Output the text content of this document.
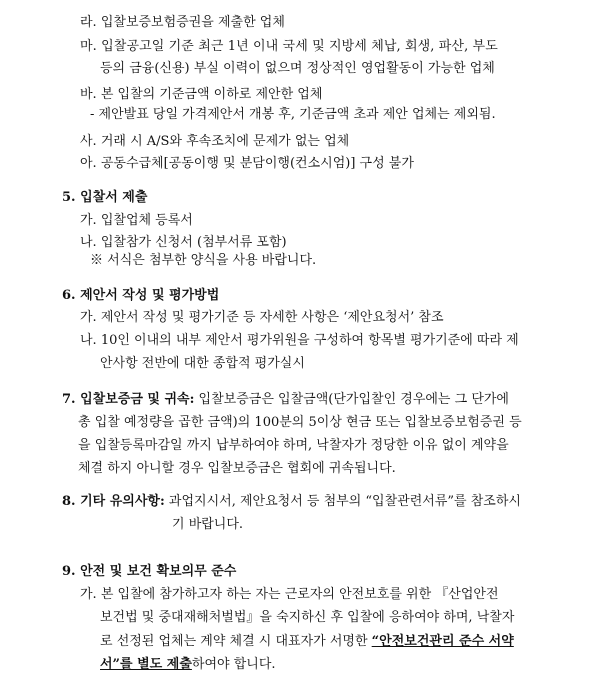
라. 입찰보증보험증권을 제출한 업체
마. 입찰공고일 기준 최근 1년 이내 국세 및 지방세 체납, 회생, 파산, 부도
등의 금융(신용) 부실 이력이 없으며 정상적인 영업활동이 가능한 업체
바. 본 입찰의 기준금액 이하로 제안한 업체
- 제안발표 당일 가격제안서 개봉 후, 기준금액 초과 제안 업체는 제외됨.
사. 거래 시 A/S와 후속조치에 문제가 없는 업체
아. 공동수급체[공동이행 및 분담이행(컨소시엄)] 구성 불가
5. 입찰서 제출
가. 입찰업체 등록서
나. 입찰참가 신청서 (첨부서류 포함)
※ 서식은 첨부한 양식을 사용 바랍니다.
6. 제안서 작성 및 평가방법
가. 제안서 작성 및 평가기준 등 자세한 사항은 ‘제안요청서’ 참조
나. 10인 이내의 내부 제안서 평가위원을 구성하여 항목별 평가기준에 따라 제
안사항 전반에 대한 종합적 평가실시
7. 입찰보증금 및 귀속: 입찰보증금은 입찰금액(단가입찰인 경우에는 그 단가에
총 입찰 예정량을 곱한 금액)의 100분의 5이상 현금 또는 입찰보증보험증권 등
을 입찰등록마감일 까지 납부하여야 하며, 낙찰자가 정당한 이유 없이 계약을
체결 하지 아니할 경우 입찰보증금은 협회에 귀속됩니다.
8. 기타 유의사항: 과업지시서, 제안요청서 등 첨부의 “입찰관련서류”를 참조하시
기 바랍니다.
9. 안전 및 보건 확보의무 준수
가. 본 입찰에 참가하고자 하는 자는 근로자의 안전보호를 위한 『산업안전
보건법 및 중대재해처벌법』을 숙지하신 후 입찰에 응하여야 하며, 낙찰자
로 선정된 업체는 계약 체결 시 대표자가 서명한 “안전보건관리 준수 서약
서”를 별도 제출하여야 합니다.
